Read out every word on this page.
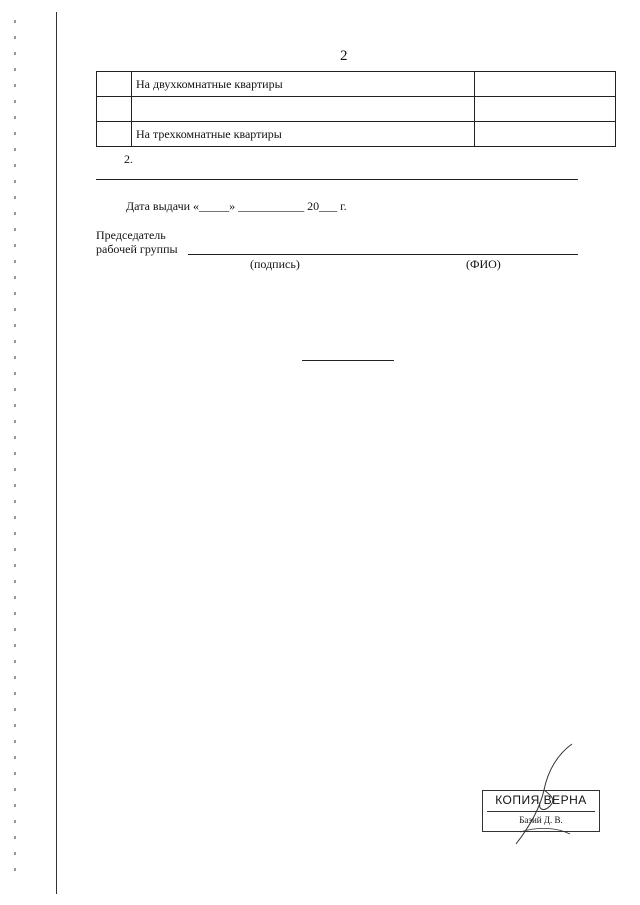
2
	На двухкомнатные квартиры	

	На трехкомнатные квартиры	
2.
Дата выдачи «_____» ___________ 20___ г.
Председатель
рабочей группы
(подпись)	(ФИО)
КОПИЯ ВЕРНА
Базий Д. В.
